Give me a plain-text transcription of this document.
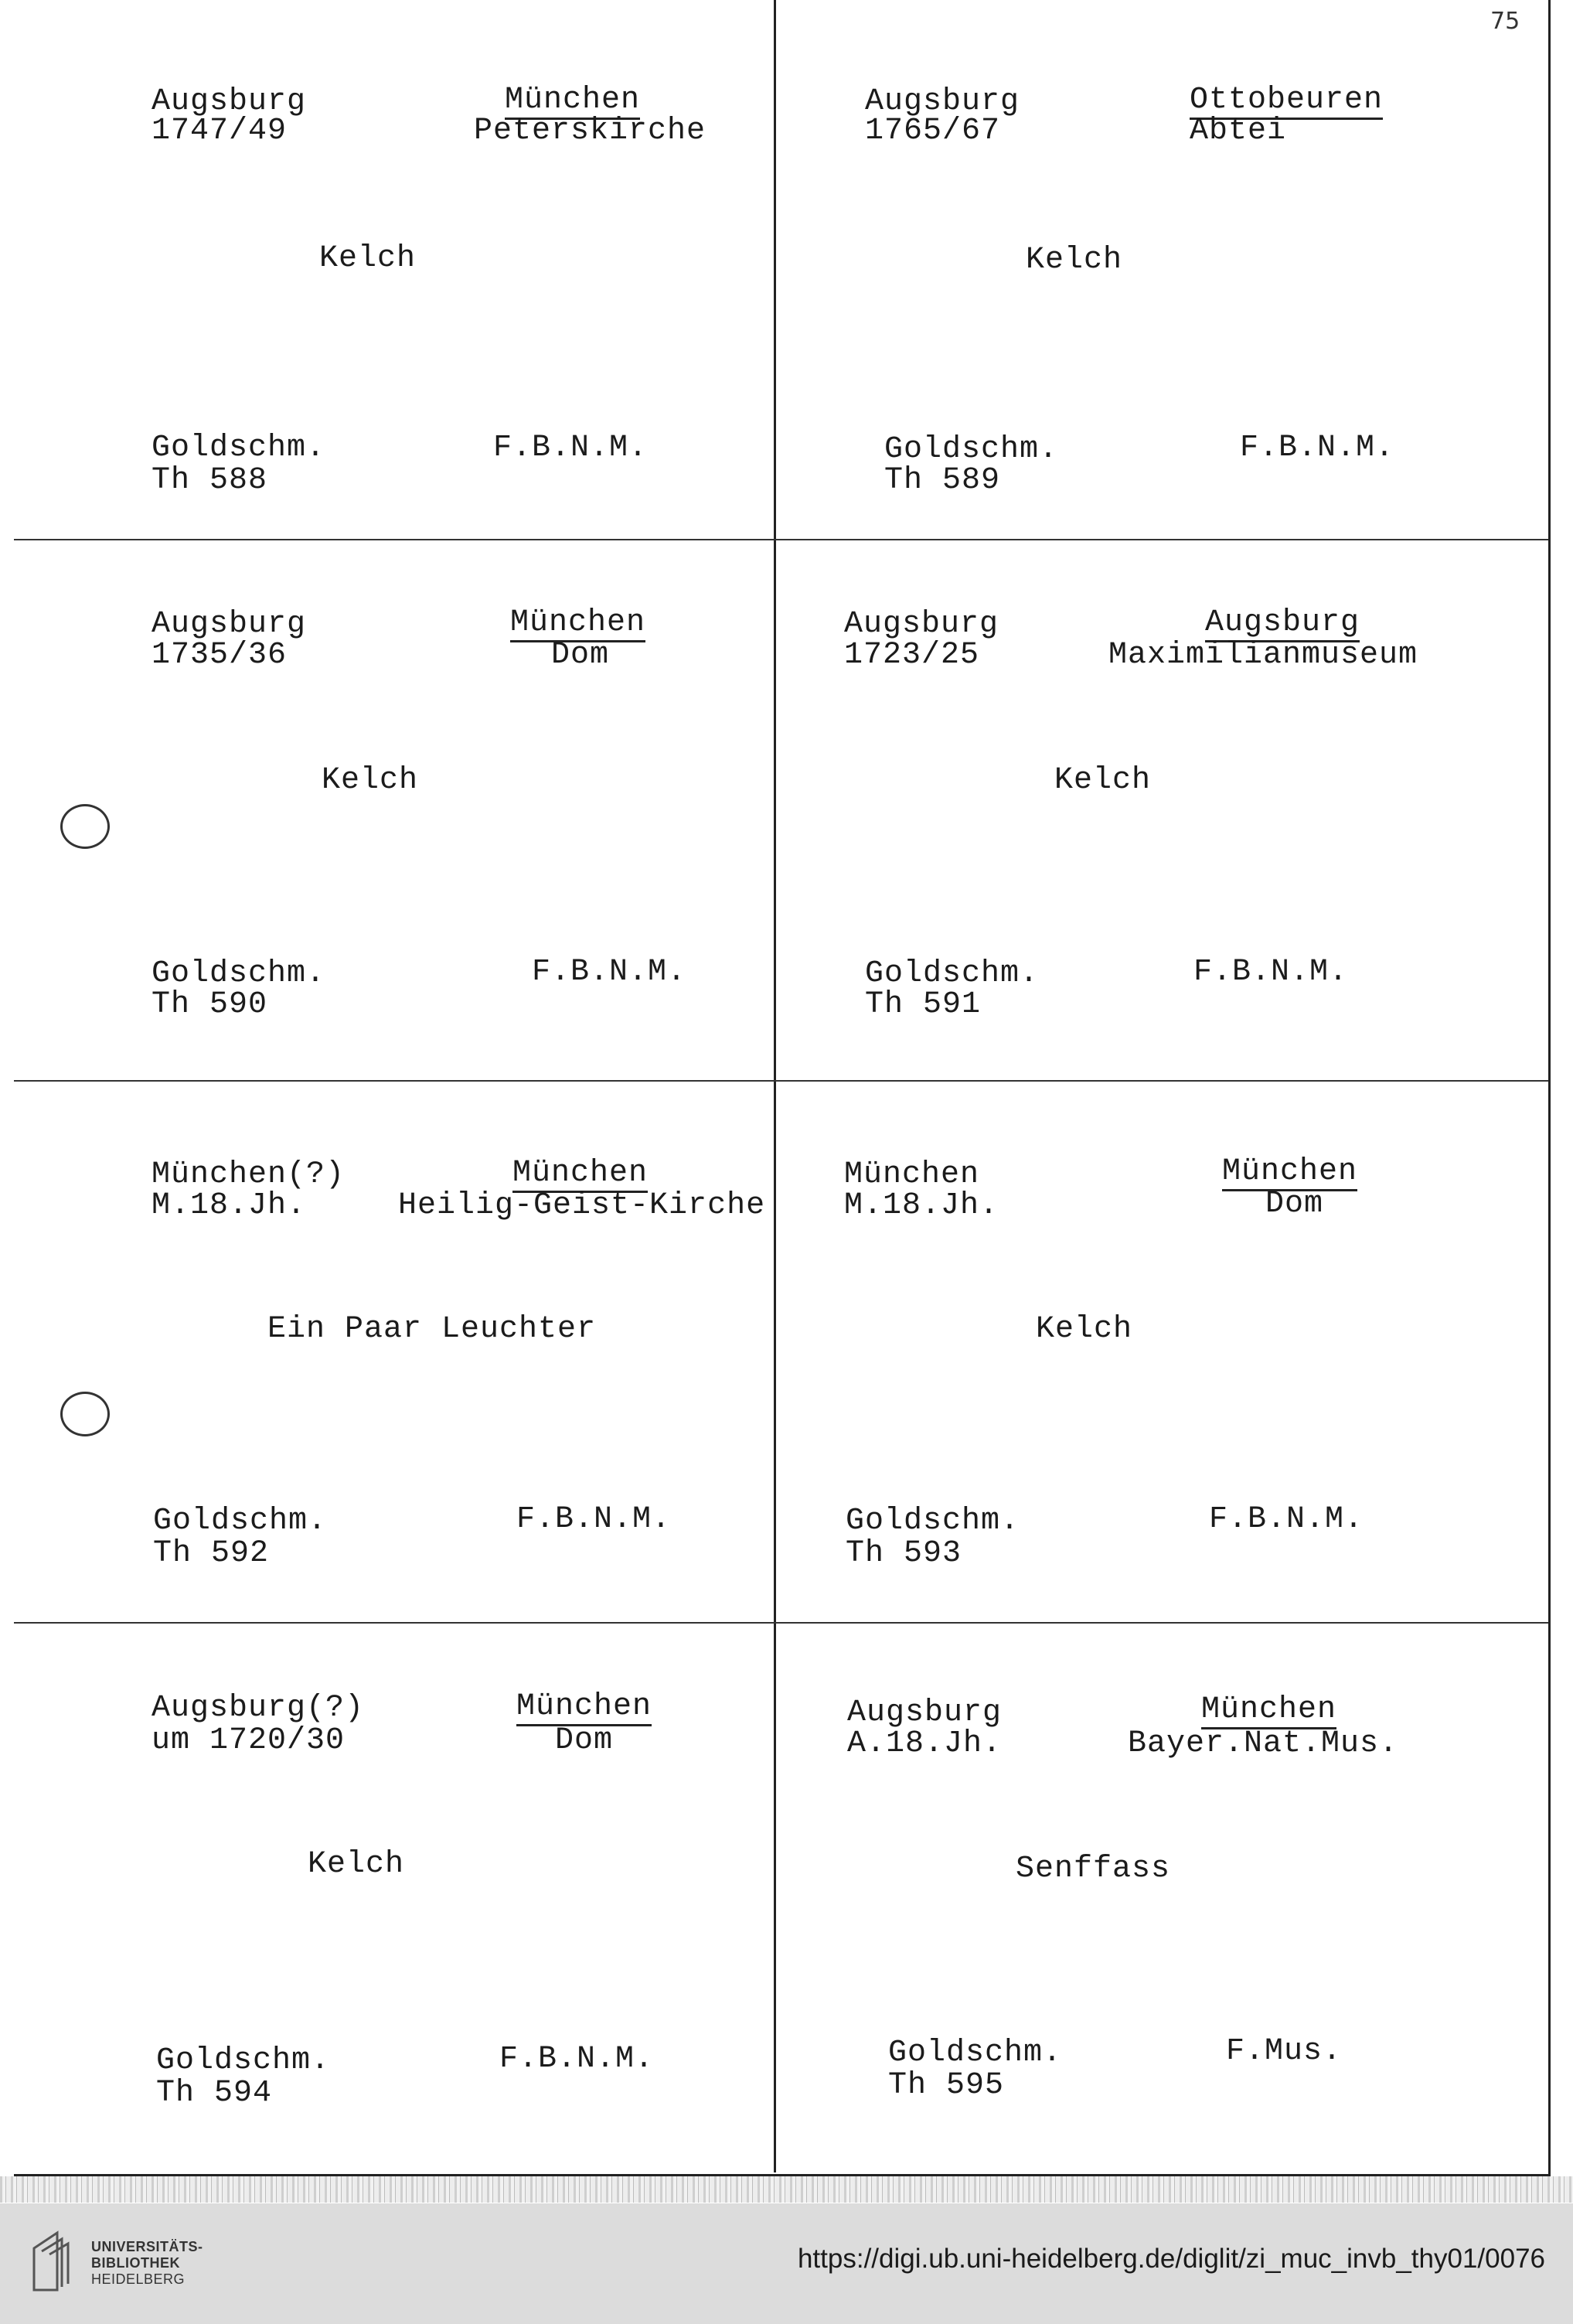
75
Augsburg
1747/49
München
Peterskirche
Kelch
Goldschm.
Th 588
F.B.N.M.
Augsburg
1765/67
Ottobeuren
Abtei
Kelch
Goldschm.
Th 589
F.B.N.M.
Augsburg
1735/36
München
Dom
Kelch
Goldschm.
Th 590
F.B.N.M.
Augsburg
1723/25
Augsburg
Maximilianmuseum
Kelch
Goldschm.
Th 591
F.B.N.M.
München(?)
M.18.Jh.
München
Heilig-Geist-Kirche
Ein Paar Leuchter
Goldschm.
Th 592
F.B.N.M.
München
M.18.Jh.
München
Dom
Kelch
Goldschm.
Th 593
F.B.N.M.
Augsburg(?)
um 1720/30
München
Dom
Kelch
Goldschm.
Th 594
F.B.N.M.
Augsburg
A.18.Jh.
München
Bayer.Nat.Mus.
Senffass
Goldschm.
Th 595
F.Mus.
UNIVERSITÄTS-
BIBLIOTHEK
HEIDELBERG
https://digi.ub.uni-heidelberg.de/diglit/zi_muc_invb_thy01/0076
